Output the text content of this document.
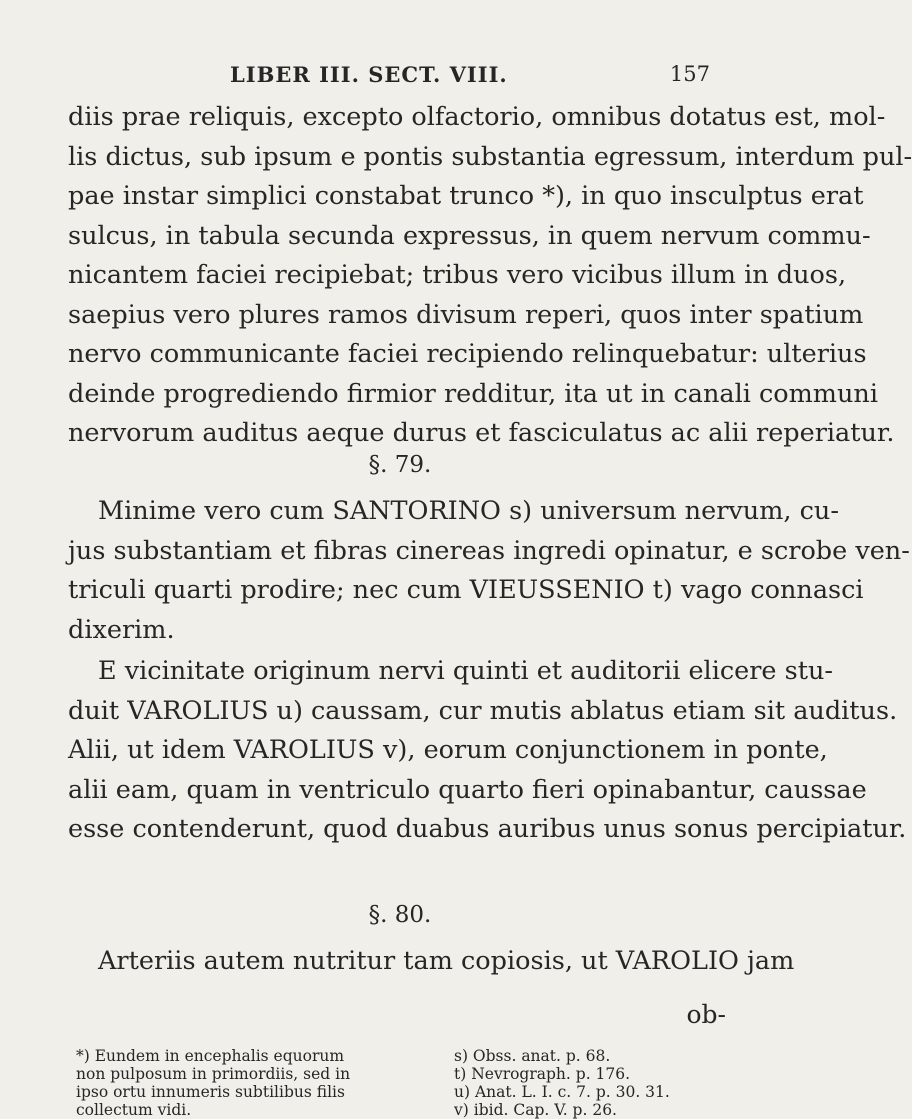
LIBER III. SECT. VIII.	157
diis prae reliquis, excepto olfactorio, omnibus dotatus est, mol-
lis dictus, sub ipsum e pontis substantia egressum, interdum pul-
pae instar simplici constabat trunco *), in quo insculptus erat
sulcus, in tabula secunda expressus, in quem nervum commu-
nicantem faciei recipiebat; tribus vero vicibus illum in duos,
saepius vero plures ramos divisum reperi, quos inter spatium
nervo communicante faciei recipiendo relinquebatur: ulterius
deinde progrediendo firmior redditur, ita ut in canali communi
nervorum auditus aeque durus et fasciculatus ac alii reperiatur.
§. 79.
Minime vero cum SANTORINO s) universum nervum, cu-
jus substantiam et fibras cinereas ingredi opinatur, e scrobe ven-
triculi quarti prodire; nec cum VIEUSSENIO t) vago connasci
dixerim.
E vicinitate originum nervi quinti et auditorii elicere stu-
duit VAROLIUS u) caussam, cur mutis ablatus etiam sit auditus.
Alii, ut idem VAROLIUS v), eorum conjunctionem in ponte,
alii eam, quam in ventriculo quarto fieri opinabantur, caussae
esse contenderunt, quod duabus auribus unus sonus percipiatur.
§. 80.
Arteriis autem nutritur tam copiosis, ut VAROLIO jam
ob-
*) Eundem in encephalis equorum
non pulposum in primordiis, sed in
ipso ortu innumeris subtilibus filis
collectum vidi.
s) Obss. anat. p. 68.
t) Nevrograph. p. 176.
u) Anat. L. I. c. 7. p. 30. 31.
v) ibid. Cap. V. p. 26.
